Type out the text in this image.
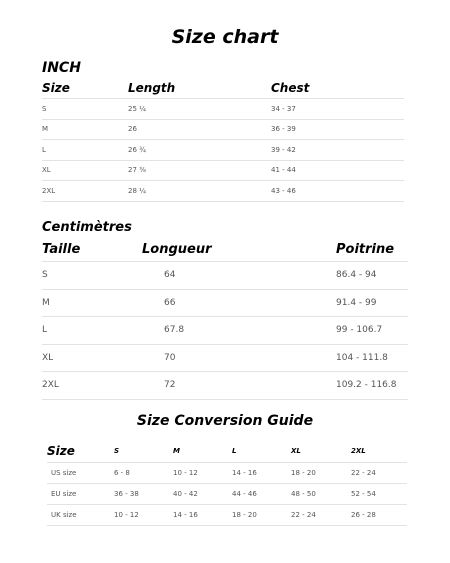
Size chart
INCH
Size	Length	Chest
S	25 ¼	34 - 37
M	26	36 - 39
L	26 ¾	39 - 42
XL	27 ⅜	41 - 44
2XL	28 ¼	43 - 46
Centimètres
Taille	Longueur	Poitrine
S	64	86.4 - 94
M	66	91.4 - 99
L	67.8	99 - 106.7
XL	70	104 - 111.8
2XL	72	109.2 - 116.8
Size Conversion Guide
Size	S	M	L	XL	2XL
US size	6 - 8	10 - 12	14 - 16	18 - 20	22 - 24
EU size	36 - 38	40 - 42	44 - 46	48 - 50	52 - 54
UK size	10 - 12	14 - 16	18 - 20	22 - 24	26 - 28
